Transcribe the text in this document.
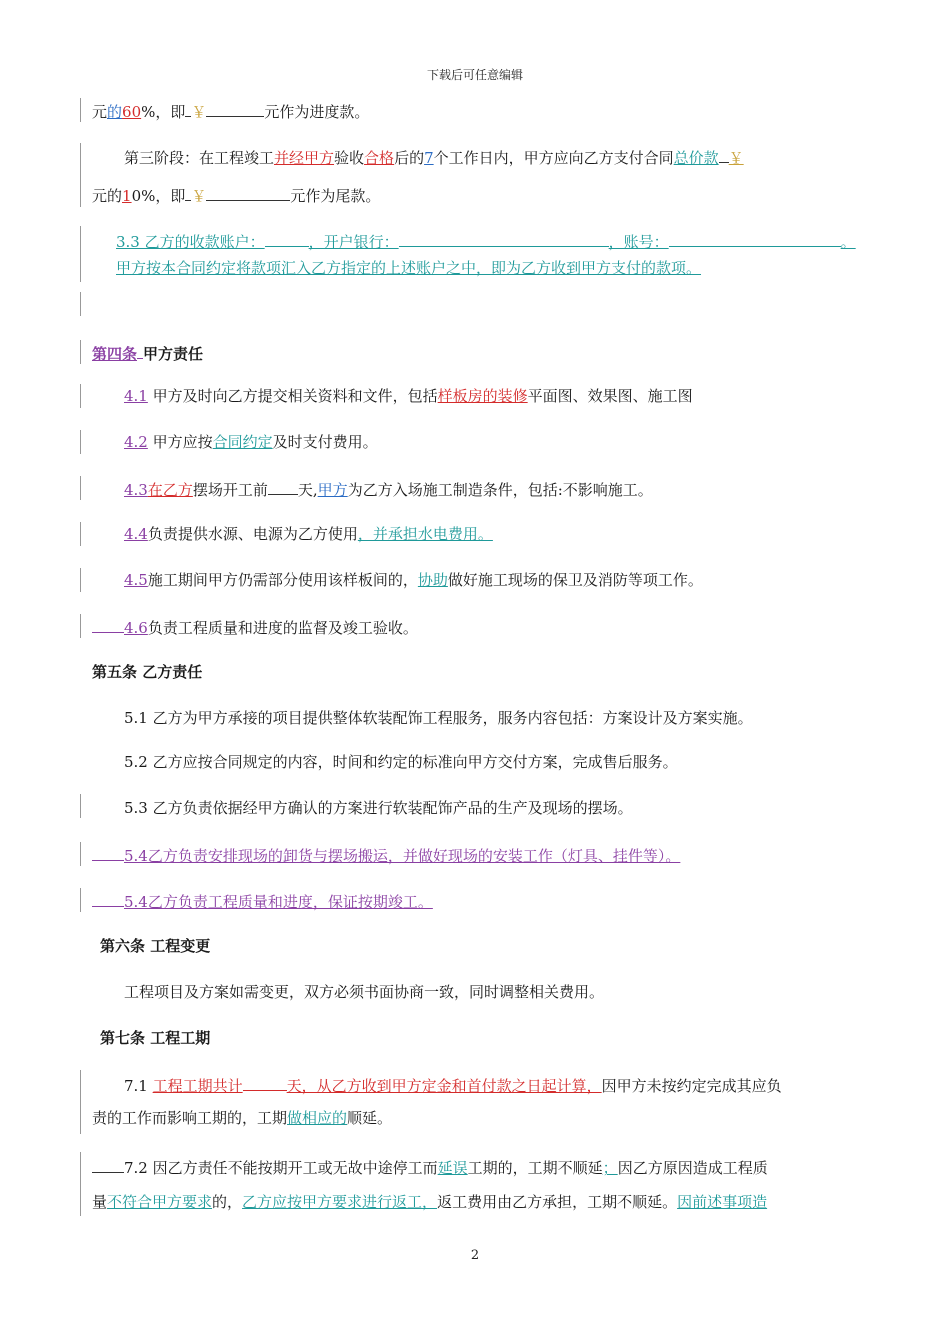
下载后可任意编辑
元的60%，即 ￥	元作为进度款。
第三阶段：在工程竣工并经甲方验收合格后的7个工作日内，甲方应向乙方支付合同总价款 ￥
元的10%，即 ￥	元作为尾款。
3.3 乙方的收款账户：	，开户银行：	，账号：	。
甲方按本合同约定将款项汇入乙方指定的上述账户之中，即为乙方收到甲方支付的款项。
第四条 甲方责任
4.1 甲方及时向乙方提交相关资料和文件，包括样板房的装修平面图、效果图、施工图
4.2 甲方应按合同约定及时支付费用。
4.3在乙方摆场开工前 天,甲方为乙方入场施工制造条件，包括:不影响施工。
4.4负责提供水源、电源为乙方使用，并承担水电费用。
4.5施工期间甲方仍需部分使用该样板间的，协助做好施工现场的保卫及消防等项工作。
4.6负责工程质量和进度的监督及竣工验收。
第五条 乙方责任
5.1 乙方为甲方承接的项目提供整体软装配饰工程服务，服务内容包括：方案设计及方案实施。
5.2 乙方应按合同规定的内容，时间和约定的标准向甲方交付方案，完成售后服务。
5.3 乙方负责依据经甲方确认的方案进行软装配饰产品的生产及现场的摆场。
5.4乙方负责安排现场的卸货与摆场搬运，并做好现场的安装工作（灯具、挂件等）。
5.4乙方负责工程质量和进度，保证按期竣工。
第六条 工程变更
工程项目及方案如需变更，双方必须书面协商一致，同时调整相关费用。
第七条 工程工期
7.1 工程工期共计	天，从乙方收到甲方定金和首付款之日起计算，因甲方未按约定完成其应负
责的工作而影响工期的，工期做相应的顺延。
7.2 因乙方责任不能按期开工或无故中途停工而延误工期的，工期不顺延；因乙方原因造成工程质
量不符合甲方要求的，乙方应按甲方要求进行返工，返工费用由乙方承担，工期不顺延。因前述事项造
2
